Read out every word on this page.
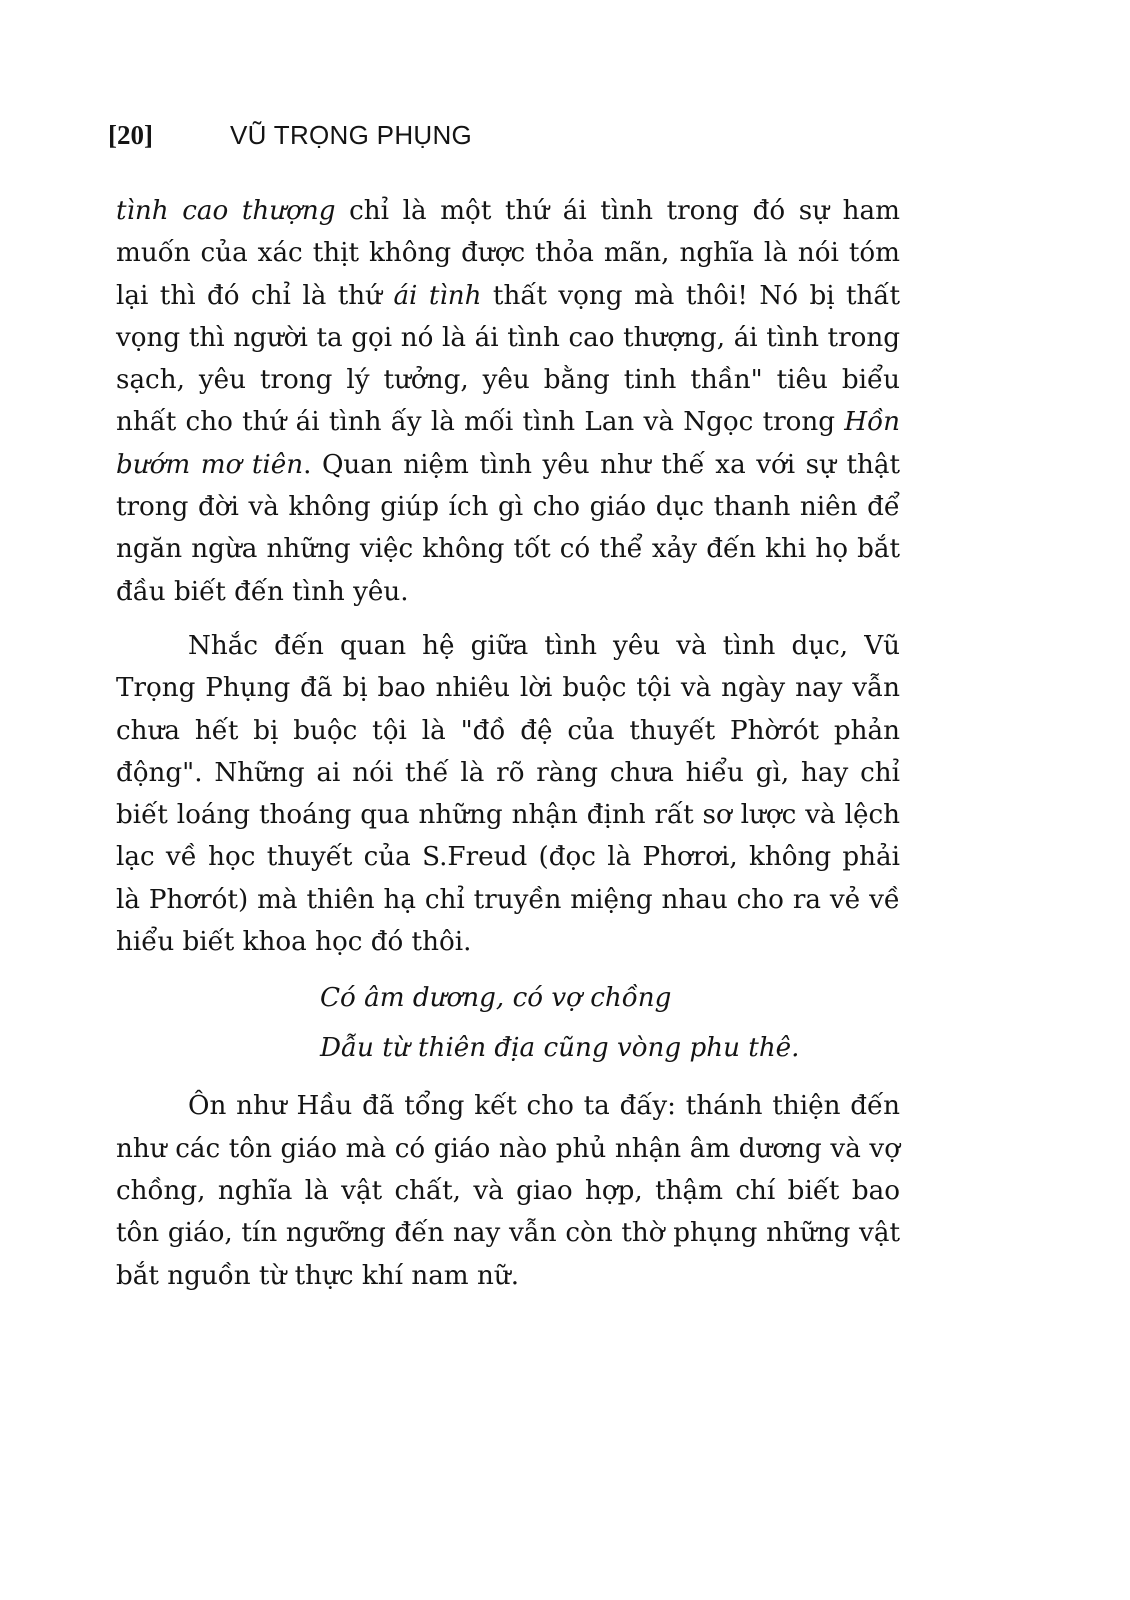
[20]	VŨ TRỌNG PHỤNG

tình cao thượng chỉ là một thứ ái tình trong đó sự ham muốn của xác thịt không được thỏa mãn, nghĩa là nói tóm lại thì đó chỉ là thứ ái tình thất vọng mà thôi! Nó bị thất vọng thì người ta gọi nó là ái tình cao thượng, ái tình trong sạch, yêu trong lý tưởng, yêu bằng tinh thần" tiêu biểu nhất cho thứ ái tình ấy là mối tình Lan và Ngọc trong Hồn bướm mơ tiên. Quan niệm tình yêu như thế xa với sự thật trong đời và không giúp ích gì cho giáo dục thanh niên để ngăn ngừa những việc không tốt có thể xảy đến khi họ bắt đầu biết đến tình yêu.

Nhắc đến quan hệ giữa tình yêu và tình dục, Vũ Trọng Phụng đã bị bao nhiêu lời buộc tội và ngày nay vẫn chưa hết bị buộc tội là "đồ đệ của thuyết Phờrót phản động". Những ai nói thế là rõ ràng chưa hiểu gì, hay chỉ biết loáng thoáng qua những nhận định rất sơ lược và lệch lạc về học thuyết của S.Freud (đọc là Phơrơi, không phải là Phơrót) mà thiên hạ chỉ truyền miệng nhau cho ra vẻ về hiểu biết khoa học đó thôi.

Có âm dương, có vợ chồng
Dẫu từ thiên địa cũng vòng phu thê.

Ôn như Hầu đã tổng kết cho ta đấy: thánh thiện đến như các tôn giáo mà có giáo nào phủ nhận âm dương và vợ chồng, nghĩa là vật chất, và giao hợp, thậm chí biết bao tôn giáo, tín ngưỡng đến nay vẫn còn thờ phụng những vật bắt nguồn từ thực khí nam nữ.
